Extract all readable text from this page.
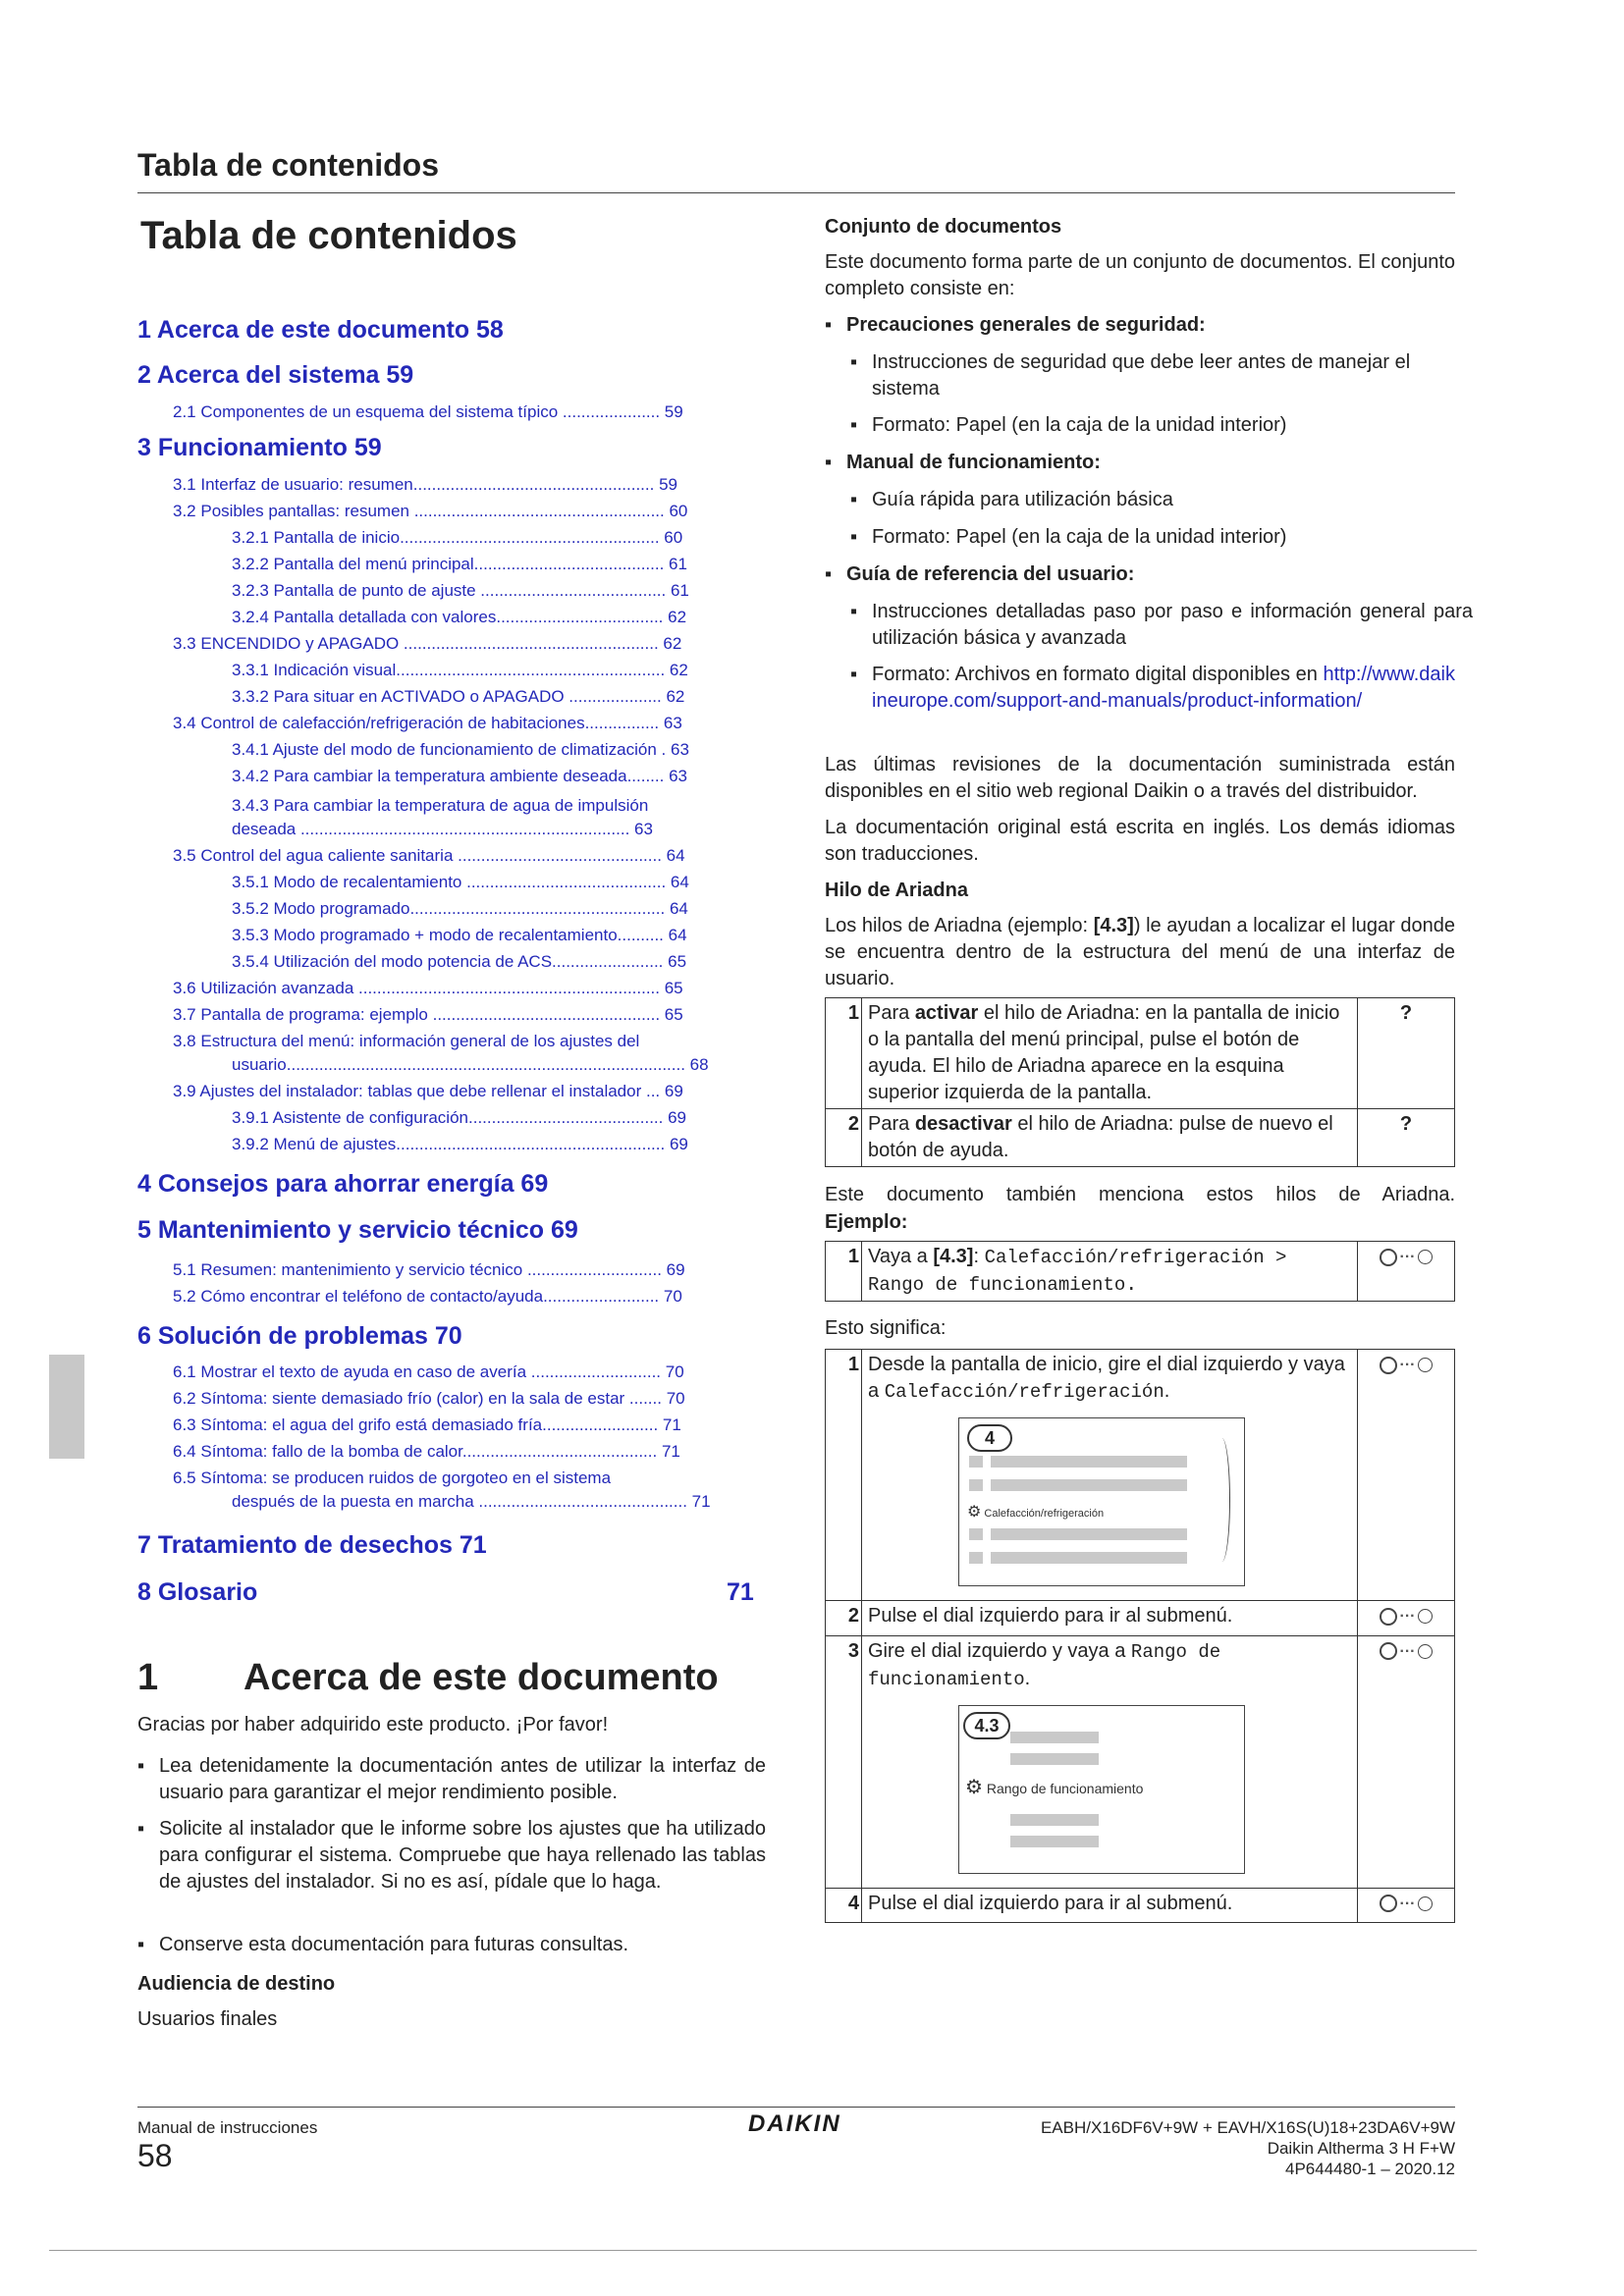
Tabla de contenidos
Tabla de contenidos
1 Acerca de este documento 58
2 Acerca del sistema 59
2.1 Componentes de un esquema del sistema típico ..................... 59
3 Funcionamiento 59
3.1 Interfaz de usuario: resumen.................................................... 59
3.2 Posibles pantallas: resumen ...................................................... 60
3.2.1 Pantalla de inicio........................................................ 60
3.2.2 Pantalla del menú principal......................................... 61
3.2.3 Pantalla de punto de ajuste ........................................ 61
3.2.4 Pantalla detallada con valores.................................... 62
3.3 ENCENDIDO y APAGADO ....................................................... 62
3.3.1 Indicación visual.......................................................... 62
3.3.2 Para situar en ACTIVADO o APAGADO .................... 62
3.4 Control de calefacción/refrigeración de habitaciones................ 63
3.4.1 Ajuste del modo de funcionamiento de climatización . 63
3.4.2 Para cambiar la temperatura ambiente deseada........ 63
3.4.3 Para cambiar la temperatura de agua de impulsión
deseada ....................................................................... 63
3.5 Control del agua caliente sanitaria ............................................ 64
3.5.1 Modo de recalentamiento ........................................... 64
3.5.2 Modo programado....................................................... 64
3.5.3 Modo programado + modo de recalentamiento.......... 64
3.5.4 Utilización del modo potencia de ACS........................ 65
3.6 Utilización avanzada ................................................................. 65
3.7 Pantalla de programa: ejemplo ................................................. 65
3.8 Estructura del menú: información general de los ajustes del
usuario...................................................................................... 68
3.9 Ajustes del instalador: tablas que debe rellenar el instalador ... 69
3.9.1 Asistente de configuración.......................................... 69
3.9.2 Menú de ajustes.......................................................... 69
4 Consejos para ahorrar energía 69
5 Mantenimiento y servicio técnico 69
5.1 Resumen: mantenimiento y servicio técnico ............................. 69
5.2 Cómo encontrar el teléfono de contacto/ayuda......................... 70
6 Solución de problemas 70
6.1 Mostrar el texto de ayuda en caso de avería ............................ 70
6.2 Síntoma: siente demasiado frío (calor) en la sala de estar ....... 70
6.3 Síntoma: el agua del grifo está demasiado fría......................... 71
6.4 Síntoma: fallo de la bomba de calor.......................................... 71
6.5 Síntoma: se producen ruidos de gorgoteo en el sistema
después de la puesta en marcha ............................................. 71
7 Tratamiento de desechos 71
8 Glosario	71
1 Acerca de este documento
Gracias por haber adquirido este producto. ¡Por favor!
▪ Lea detenidamente la documentación antes de utilizar la interfaz de usuario para garantizar el mejor rendimiento posible.
▪ Solicite al instalador que le informe sobre los ajustes que ha utilizado para configurar el sistema. Compruebe que haya rellenado las tablas de ajustes del instalador. Si no es así, pídale que lo haga.
▪ Conserve esta documentación para futuras consultas.
Audiencia de destino
Usuarios finales
Conjunto de documentos
Este documento forma parte de un conjunto de documentos. El conjunto completo consiste en:
▪ Precauciones generales de seguridad:
▪ Instrucciones de seguridad que debe leer antes de manejar el sistema
▪ Formato: Papel (en la caja de la unidad interior)
▪ Manual de funcionamiento:
▪ Guía rápida para utilización básica
▪ Formato: Papel (en la caja de la unidad interior)
▪ Guía de referencia del usuario:
▪ Instrucciones detalladas paso por paso e información general para utilización básica y avanzada
▪ Formato: Archivos en formato digital disponibles en http://www.daikineurope.com/support-and-manuals/product-information/
Las últimas revisiones de la documentación suministrada están disponibles en el sitio web regional Daikin o a través del distribuidor.
La documentación original está escrita en inglés. Los demás idiomas son traducciones.
Hilo de Ariadna
Los hilos de Ariadna (ejemplo: [4.3]) le ayudan a localizar el lugar donde se encuentra dentro de la estructura del menú de una interfaz de usuario.
1	Para activar el hilo de Ariadna: en la pantalla de inicio o la pantalla del menú principal, pulse el botón de ayuda. El hilo de Ariadna aparece en la esquina superior izquierda de la pantalla.	?
2	Para desactivar el hilo de Ariadna: pulse de nuevo el botón de ayuda.	?
Este documento también menciona estos hilos de Ariadna.
Ejemplo:
1	Vaya a [4.3]: Calefacción/refrigeración > Rango de funcionamiento.	
···
Esto significa:
1	Desde la pantalla de inicio, gire el dial izquierdo y vaya a Calefacción/refrigeración.
4
⚙ Calefacción/refrigeración	···

2	Pulse el dial izquierdo para ir al submenú.	···

3	Gire el dial izquierdo y vaya a Rango de funcionamiento.
4.3
⚙ Rango de funcionamiento	···

4	Pulse el dial izquierdo para ir al submenú.	···
Manual de instrucciones
58
DAIKIN	EABH/X16DF6V+9W + EAVH/X16S(U)18+23DA6V+9W
Daikin Altherma 3 H F+W
4P644480-1 – 2020.12
